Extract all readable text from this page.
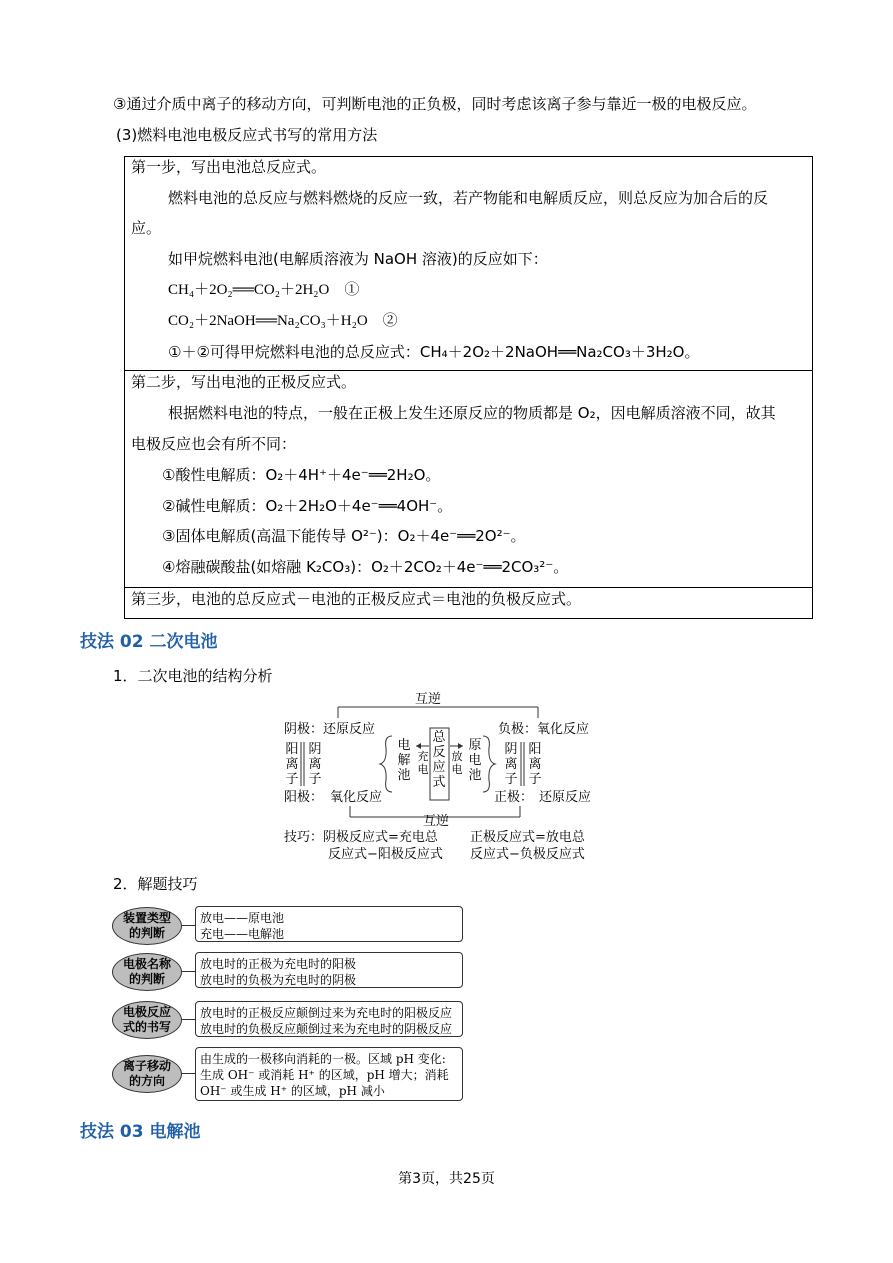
③通过介质中离子的移动方向，可判断电池的正负极，同时考虑该离子参与靠近一极的电极反应。
(3)燃料电池电极反应式书写的常用方法
第一步，写出电池总反应式。
燃料电池的总反应与燃料燃烧的反应一致，若产物能和电解质反应，则总反应为加合后的反
应。
如甲烷燃料电池(电解质溶液为 NaOH 溶液)的反应如下：
CH₄＋2O₂══CO₂＋2H₂O　①
CO₂＋2NaOH══Na₂CO₃＋H₂O　②
①＋②可得甲烷燃料电池的总反应式：CH₄＋2O₂＋2NaOH══Na₂CO₃＋3H₂O。
第二步，写出电池的正极反应式。
根据燃料电池的特点，一般在正极上发生还原反应的物质都是 O₂，因电解质溶液不同，故其
电极反应也会有所不同：
①酸性电解质：O₂＋4H⁺＋4e⁻══2H₂O。
②碱性电解质：O₂＋2H₂O＋4e⁻══4OH⁻。
③固体电解质(高温下能传导 O²⁻)：O₂＋4e⁻══2O²⁻。
④熔融碳酸盐(如熔融 K₂CO₃)：O₂＋2CO₂＋4e⁻══2CO₃²⁻。
第三步，电池的总反应式－电池的正极反应式＝电池的负极反应式。
技法 02 二次电池
1．二次电池的结构分析
互逆
阴极：还原反应	负极：氧化反应
阳离子
阴离子
电解池
充电
总反应式
放电
原电池
阴离子
阳离子
阳极： 氧化反应	正极： 还原反应
互逆
技巧：阴极反应式=充电总
反应式−阳极反应式
正极反应式=放电总
反应式−负极反应式
2．解题技巧
装置类型的判断
放电——原电池
充电——电解池
电极名称的判断
放电时的正极为充电时的阳极
放电时的负极为充电时的阴极
电极反应式的书写
放电时的正极反应颠倒过来为充电时的阳极反应
放电时的负极反应颠倒过来为充电时的阴极反应
离子移动的方向
由生成的一极移向消耗的一极。区域 pH 变化:
生成 OH⁻ 或消耗 H⁺ 的区域，pH 增大；消耗
OH⁻ 或生成 H⁺ 的区域，pH 减小
技法 03 电解池
第3页，共25页
